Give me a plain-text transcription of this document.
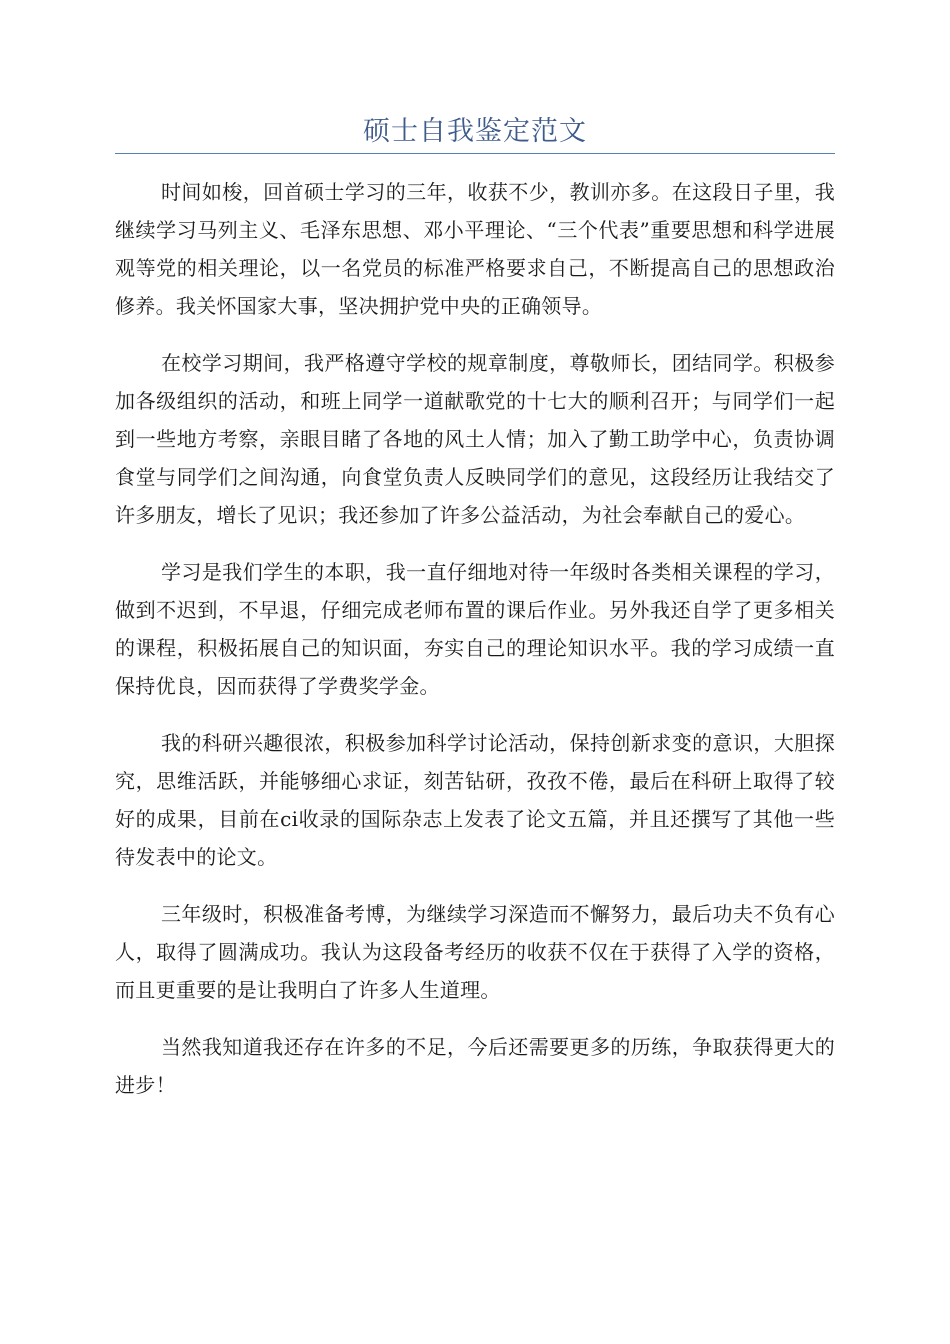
硕士自我鉴定范文

时间如梭，回首硕士学习的三年，收获不少，教训亦多。在这段日子里，我继续学习马列主义、毛泽东思想、邓小平理论、“三个代表”重要思想和科学进展观等党的相关理论，以一名党员的标准严格要求自己，不断提高自己的思想政治修养。我关怀国家大事，坚决拥护党中央的正确领导。

在校学习期间，我严格遵守学校的规章制度，尊敬师长，团结同学。积极参加各级组织的活动，和班上同学一道献歌党的十七大的顺利召开；与同学们一起到一些地方考察，亲眼目睹了各地的风土人情；加入了勤工助学中心，负责协调食堂与同学们之间沟通，向食堂负责人反映同学们的意见，这段经历让我结交了许多朋友，增长了见识；我还参加了许多公益活动，为社会奉献自己的爱心。

学习是我们学生的本职，我一直仔细地对待一年级时各类相关课程的学习，做到不迟到，不早退，仔细完成老师布置的课后作业。另外我还自学了更多相关的课程，积极拓展自己的知识面，夯实自己的理论知识水平。我的学习成绩一直保持优良，因而获得了学费奖学金。

我的科研兴趣很浓，积极参加科学讨论活动，保持创新求变的意识，大胆探究，思维活跃，并能够细心求证，刻苦钻研，孜孜不倦，最后在科研上取得了较好的成果，目前在ci收录的国际杂志上发表了论文五篇，并且还撰写了其他一些待发表中的论文。

三年级时，积极准备考博，为继续学习深造而不懈努力，最后功夫不负有心人，取得了圆满成功。我认为这段备考经历的收获不仅在于获得了入学的资格，而且更重要的是让我明白了许多人生道理。

当然我知道我还存在许多的不足，今后还需要更多的历练，争取获得更大的进步！
